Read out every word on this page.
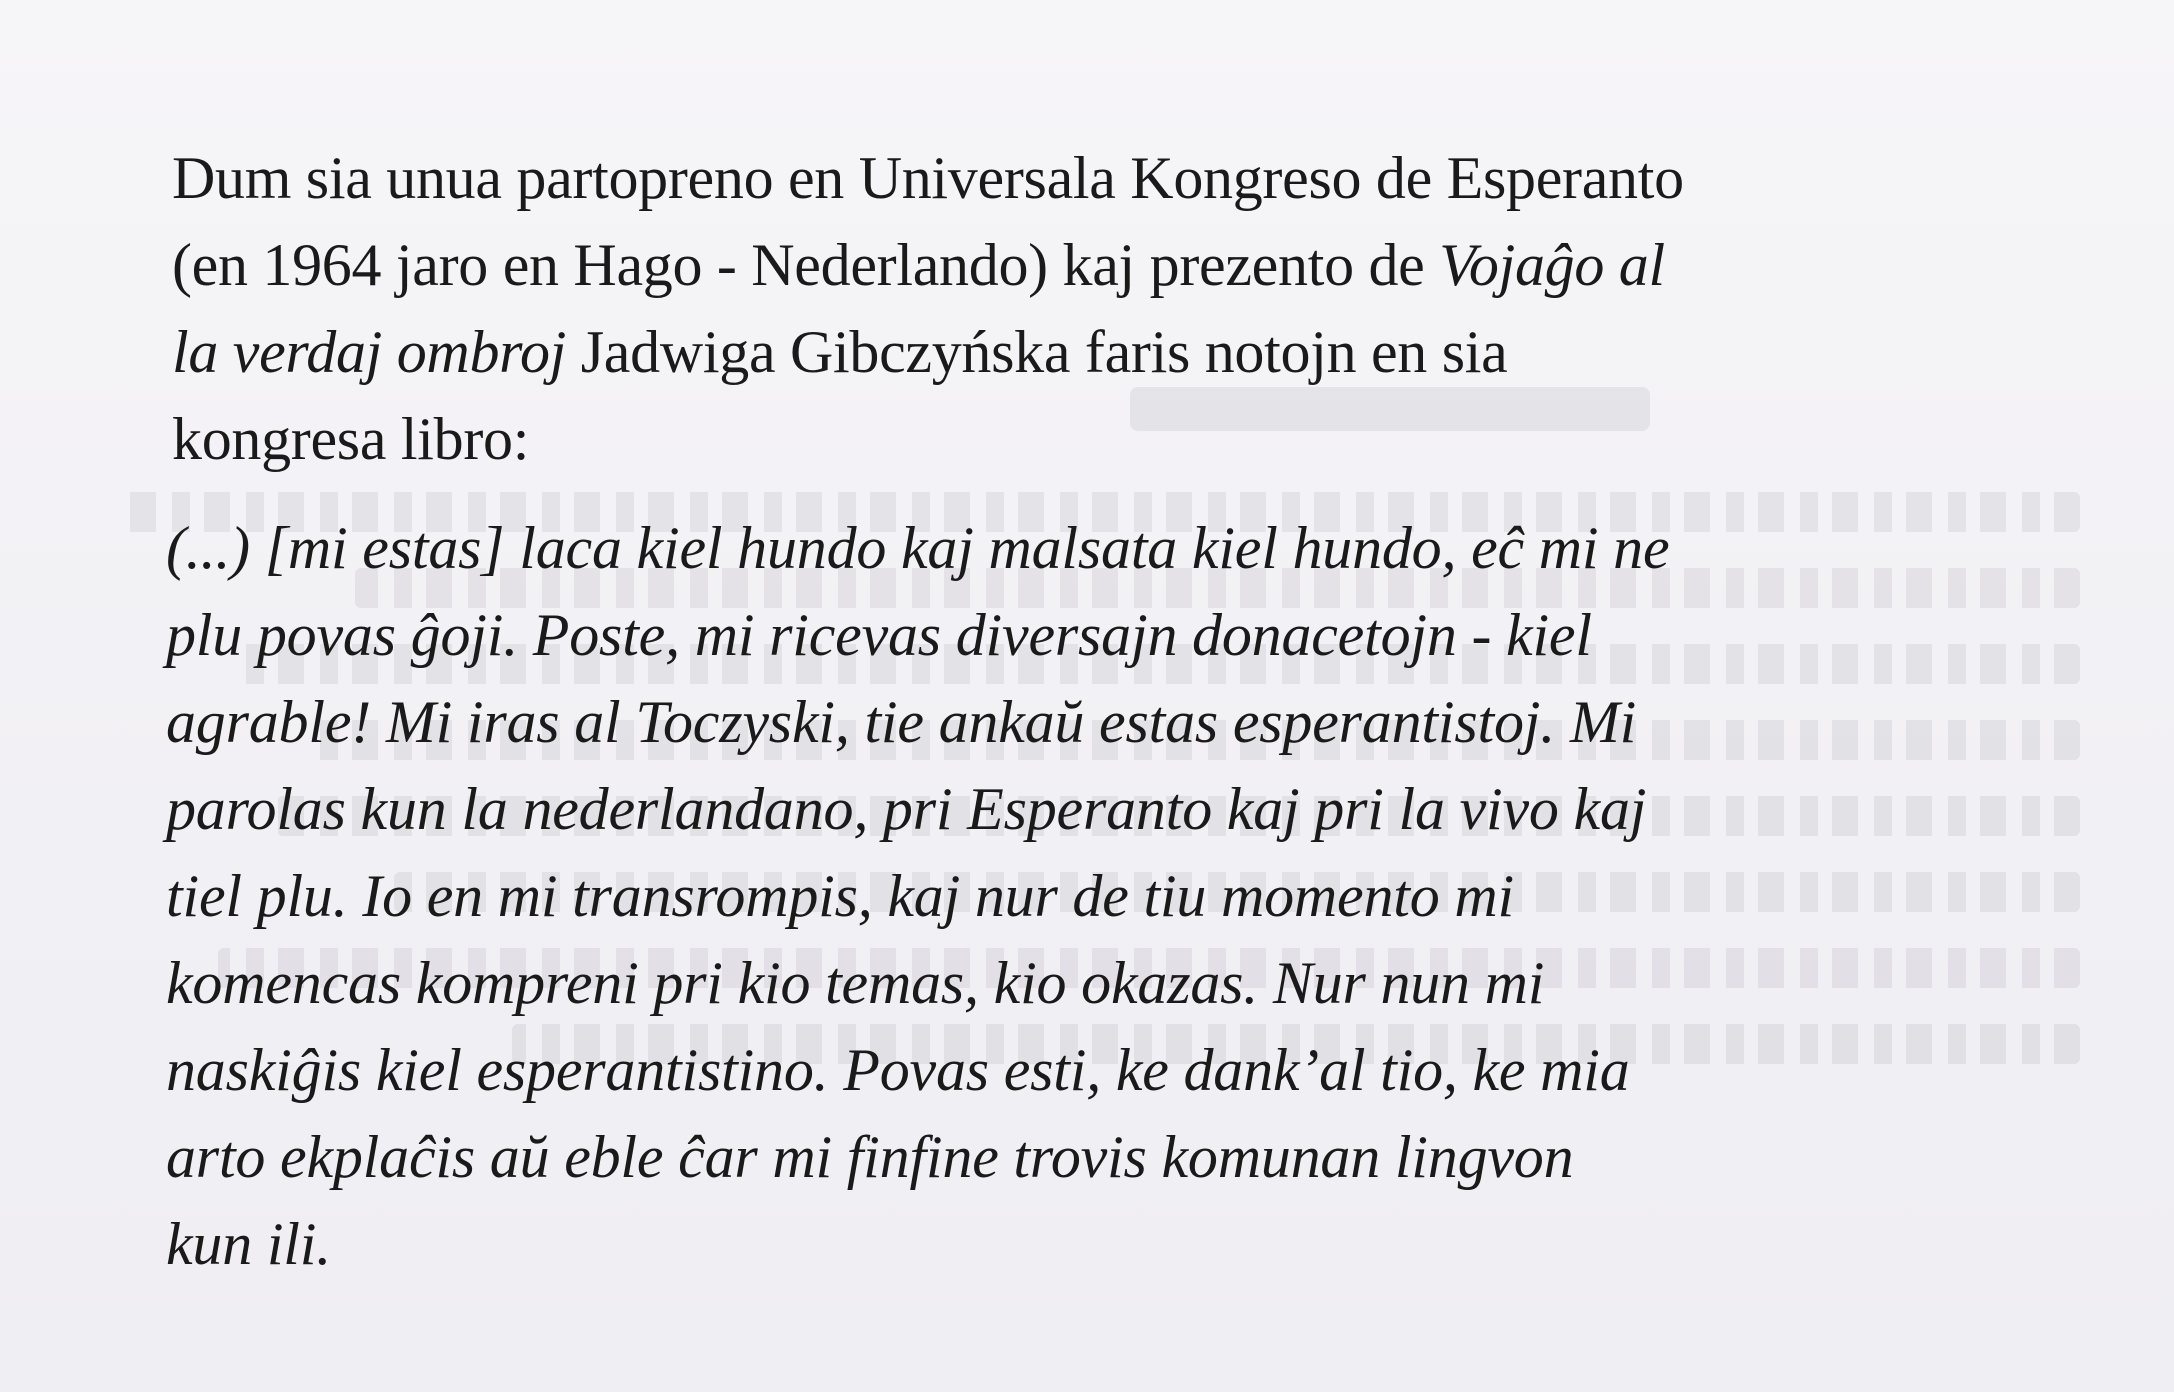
Dum sia unua partopreno en Universala Kongreso de Esperanto
(en 1964 jaro en Hago - Nederlando) kaj prezento de Vojaĝo al
la verdaj ombroj Jadwiga Gibczyńska faris notojn en sia
kongresa libro:

(...) [mi estas] laca kiel hundo kaj malsata kiel hundo, eĉ mi ne
plu povas ĝoji. Poste, mi ricevas diversajn donacetojn - kiel
agrable! Mi iras al Toczyski, tie ankaŭ estas esperantistoj. Mi
parolas kun la nederlandano, pri Esperanto kaj pri la vivo kaj
tiel plu. Io en mi transrompis, kaj nur de tiu momento mi
komencas kompreni pri kio temas, kio okazas. Nur nun mi
naskiĝis kiel esperantistino. Povas esti, ke dank’al tio, ke mia
arto ekplaĉis aŭ eble ĉar mi finfine trovis komunan lingvon
kun ili.
